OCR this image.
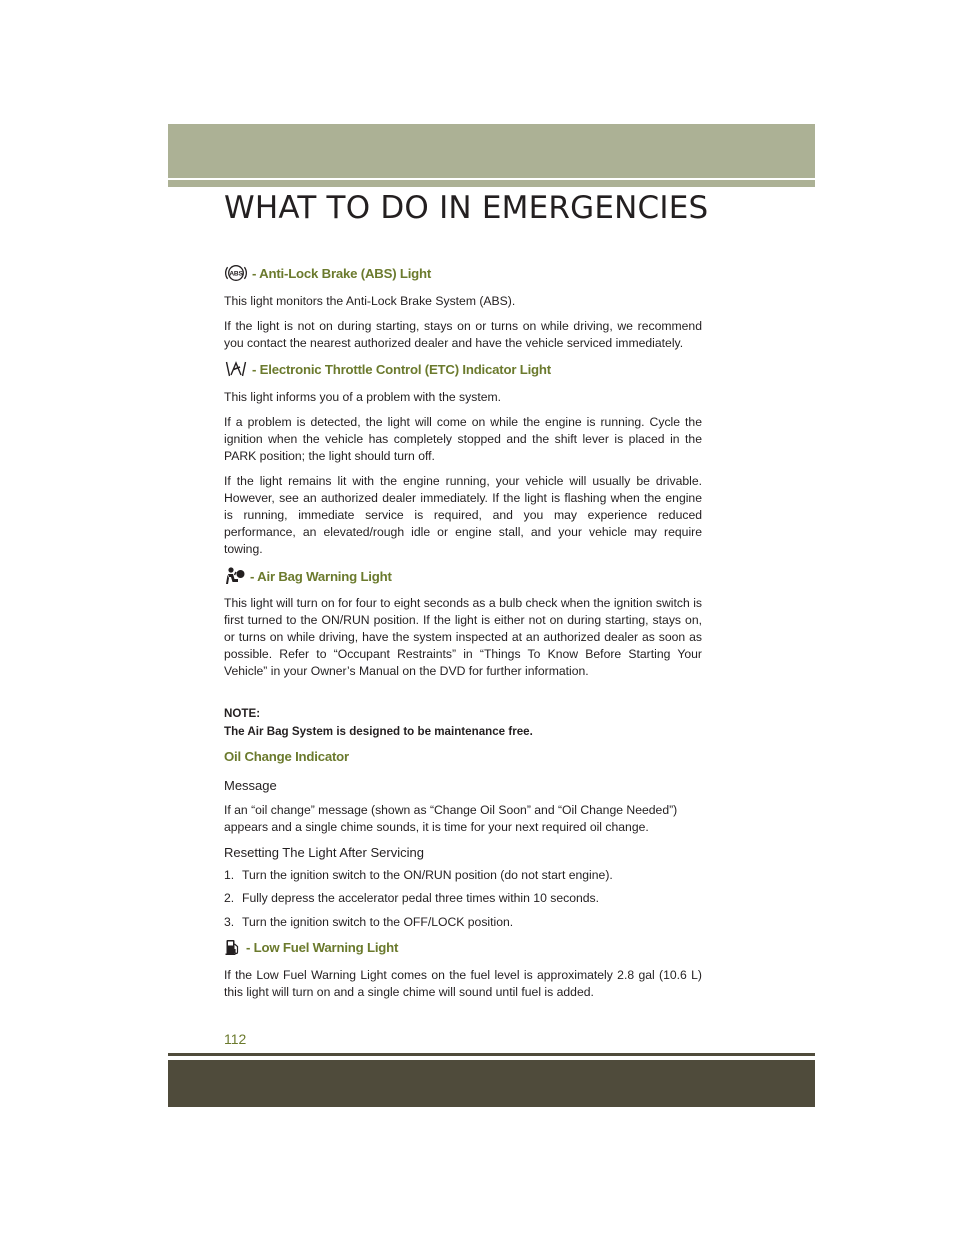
WHAT TO DO IN EMERGENCIES
ABS - Anti-Lock Brake (ABS) Light

This light monitors the Anti-Lock Brake System (ABS).

If the light is not on during starting, stays on or turns on while driving, we recommend you contact the nearest authorized dealer and have the vehicle serviced immediately.

- Electronic Throttle Control (ETC) Indicator Light

This light informs you of a problem with the system.

If a problem is detected, the light will come on while the engine is running. Cycle the ignition when the vehicle has completely stopped and the shift lever is placed in the PARK position; the light should turn off.

If the light remains lit with the engine running, your vehicle will usually be drivable. However, see an authorized dealer immediately. If the light is flashing when the engine is running, immediate service is required, and you may experience reduced performance, an elevated/rough idle or engine stall, and your vehicle may require towing.

- Air Bag Warning Light

This light will turn on for four to eight seconds as a bulb check when the ignition switch is first turned to the ON/RUN position. If the light is either not on during starting, stays on, or turns on while driving, have the system inspected at an authorized dealer as soon as possible. Refer to “Occupant Restraints” in “Things To Know Before Starting Your Vehicle” in your Owner’s Manual on the DVD for further information.

NOTE:

The Air Bag System is designed to be maintenance free.

Oil Change Indicator

Message

If an “oil change” message (shown as “Change Oil Soon” and “Oil Change Needed”) appears and a single chime sounds, it is time for your next required oil change.

Resetting The Light After Servicing

1. Turn the ignition switch to the ON/RUN position (do not start engine).

2. Fully depress the accelerator pedal three times within 10 seconds.

3. Turn the ignition switch to the OFF/LOCK position.

- Low Fuel Warning Light

If the Low Fuel Warning Light comes on the fuel level is approximately 2.8 gal (10.6 L) this light will turn on and a single chime will sound until fuel is added.

112
